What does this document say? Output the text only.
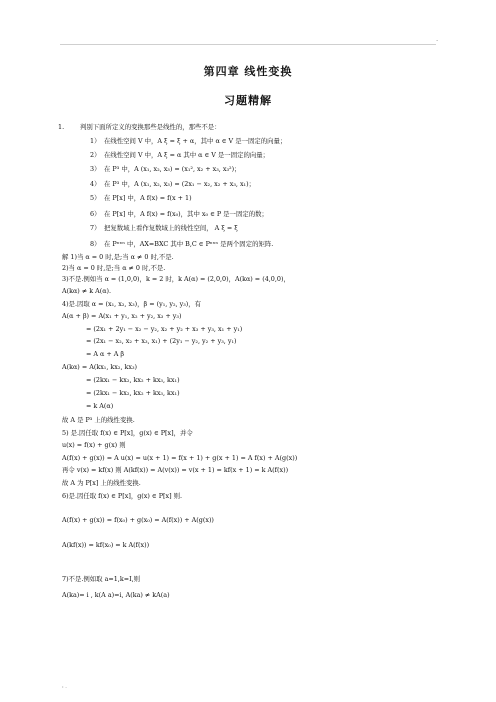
.
第四章 线性变换
习题精解
1. 判别下面所定义的变换那些是线性的，那些不是：
1） 在线性空间 V 中，A ξ = ξ + α，其中 α ∈ V 是一固定的向量；
2） 在线性空间 V 中，A ξ = α 其中 α ∈ V 是一固定的向量；
3） 在 P³ 中，A (x₁, x₂, x₃) = (x₁², x₂ + x₃, x₃²)；
4） 在 P³ 中，A (x₁, x₂, x₃) = (2x₁ − x₂, x₂ + x₃, x₁)；
5） 在 P[x] 中，A f(x) = f(x + 1)
6） 在 P[x] 中，A f(x) = f(x₀)，其中 x₀ ∈ P 是一固定的数；
7） 把复数域上看作复数域上的线性空间， A ξ = ξ̄
8） 在 Pⁿˣⁿ 中，AX=BXC 其中 B,C ∈ Pⁿˣⁿ 是两个固定的矩阵.
解 1)当 α = 0 时,是;当 α ≠ 0 时,不是.
2)当 α = 0 时,是;当 α ≠ 0 时,不是.
3)不是.例如当 α = (1,0,0)，k = 2 时，k A(α) = (2,0,0)，A(kα) = (4,0,0)，
A(kα) ≠ k A(α).
4)是.因取 α = (x₁, x₂, x₃)，β = (y₁, y₂, y₃)，有
A(α + β) = A(x₁ + y₁, x₂ + y₂, x₃ + y₃)
= (2x₁ + 2y₁ − x₂ − y₂, x₂ + y₂ + x₃ + y₃, x₁ + y₁)
= (2x₁ − x₂, x₂ + x₃, x₁) + (2y₁ − y₂, y₂ + y₃, y₁)
= A α + A β
A(kα) = A(kx₁, kx₂, kx₃)
= (2kx₁ − kx₂, kx₂ + kx₃, kx₁)
= (2kx₁ − kx₂, kx₂ + kx₃, kx₁)
= k A(α)
故 A 是 P³ 上的线性变换.
5) 是.因任取 f(x) ∈ P[x]，g(x) ∈ P[x]，并令
u(x) = f(x) + g(x) 则
A(f(x) + g(x)) = A u(x) = u(x + 1) = f(x + 1) + g(x + 1) = A f(x) + A(g(x))
再令 v(x) = kf(x) 则 A(kf(x)) = A(v(x)) = v(x + 1) = kf(x + 1) = k A(f(x))
故 A 为 P[x] 上的线性变换.
6)是.因任取 f(x) ∈ P[x]，g(x) ∈ P[x] 则.
A(f(x) + g(x)) = f(x₀) + g(x₀) = A(f(x)) + A(g(x))
A(kf(x)) = kf(x₀) = k A(f(x))
7)不是.例如取 a=1,k=I,则
A(ka)= i , k(A a)=i, A(ka) ≠ kA(a)
: .
